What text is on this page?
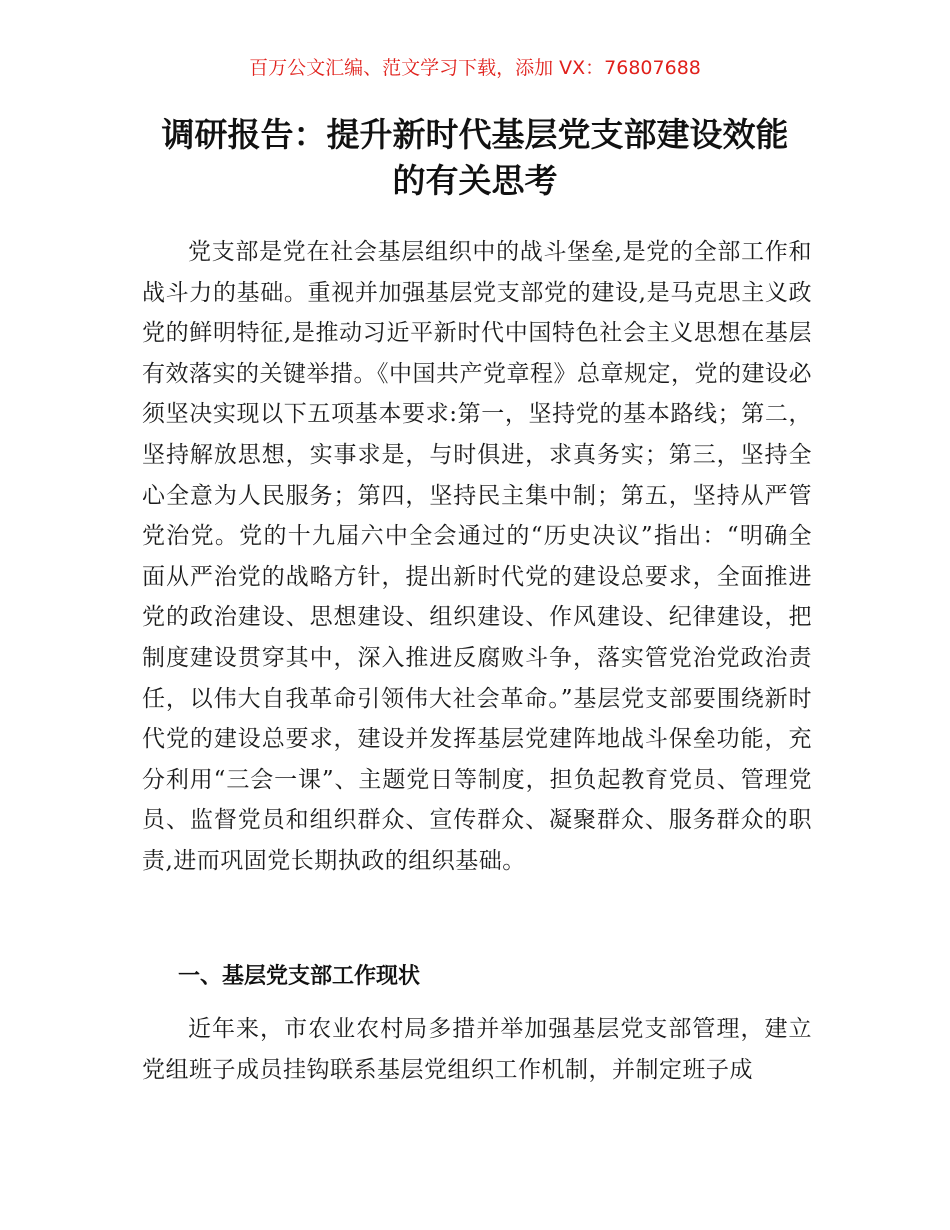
百万公文汇编、范文学习下载，添加 VX：76807688
调研报告：提升新时代基层党支部建设效能
的有关思考

党支部是党在社会基层组织中的战斗堡垒,是党的全部工作和战斗力的基础。重视并加强基层党支部党的建设,是马克思主义政党的鲜明特征,是推动习近平新时代中国特色社会主义思想在基层有效落实的关键举措。《中国共产党章程》总章规定，党的建设必须坚决实现以下五项基本要求:第一，坚持党的基本路线；第二，坚持解放思想，实事求是，与时俱进，求真务实；第三，坚持全心全意为人民服务；第四，坚持民主集中制；第五，坚持从严管党治党。党的十九届六中全会通过的“历史决议”指出：“明确全面从严治党的战略方针，提出新时代党的建设总要求，全面推进党的政治建设、思想建设、组织建设、作风建设、纪律建设，把制度建设贯穿其中，深入推进反腐败斗争，落实管党治党政治责任，以伟大自我革命引领伟大社会革命。”基层党支部要围绕新时代党的建设总要求，建设并发挥基层党建阵地战斗保垒功能，充分利用“三会一课”、主题党日等制度，担负起教育党员、管理党员、监督党员和组织群众、宣传群众、凝聚群众、服务群众的职责,进而巩固党长期执政的组织基础。

一、基层党支部工作现状

近年来，市农业农村局多措并举加强基层党支部管理，建立党组班子成员挂钩联系基层党组织工作机制，并制定班子成
